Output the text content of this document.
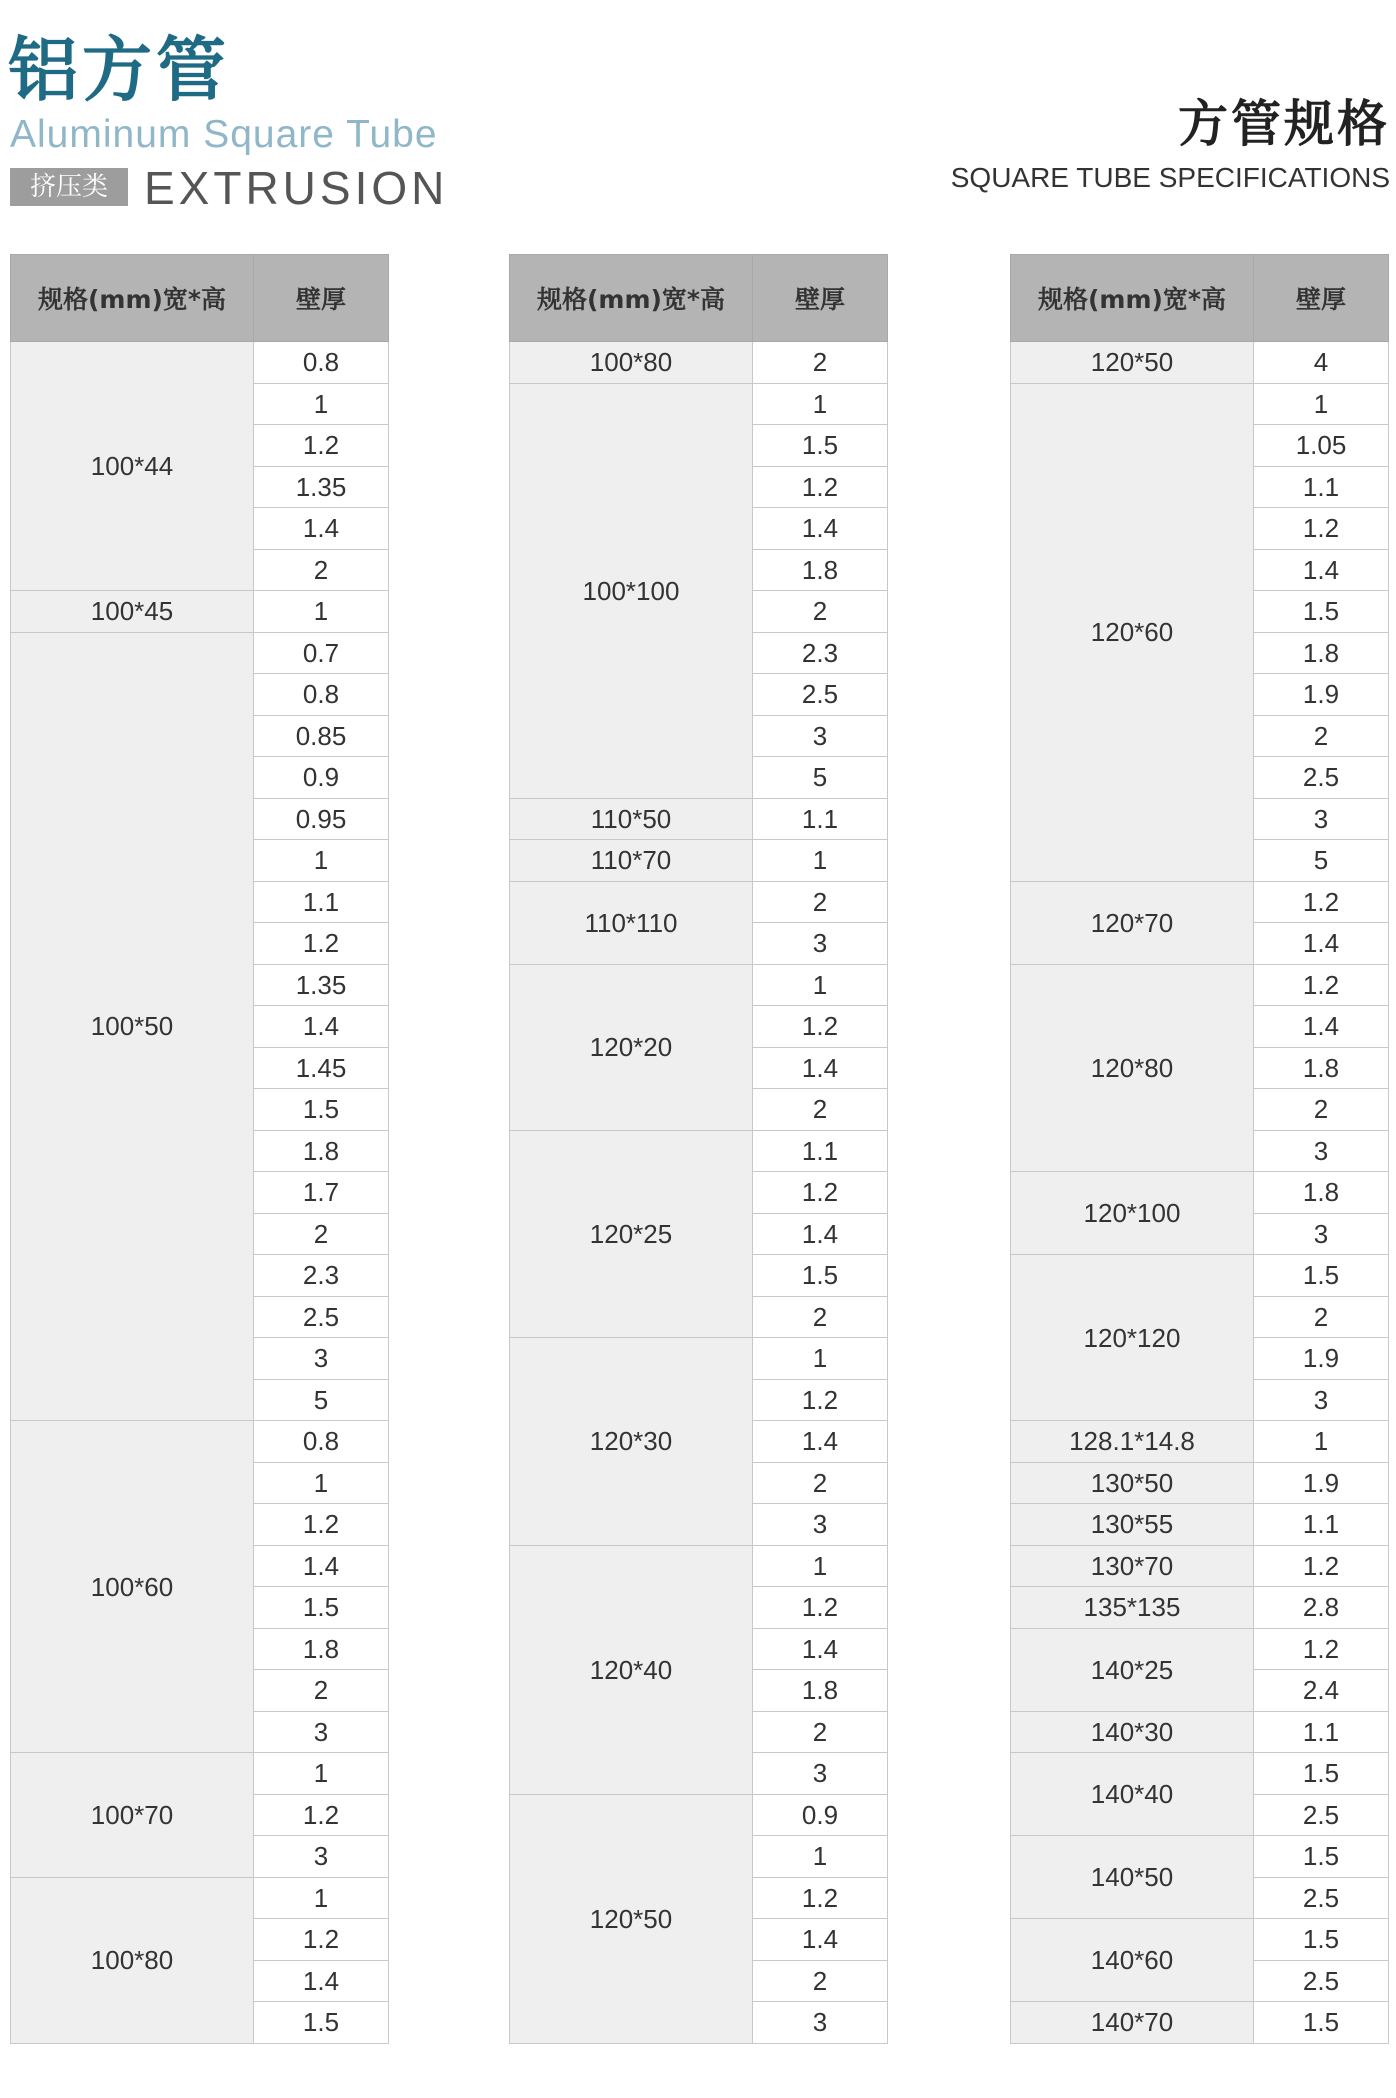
铝方管
Aluminum Square Tube
挤压类 EXTRUSION
方管规格
SQUARE TUBE SPECIFICATIONS
规格(mm)宽*高	壁厚
100*44	0.8
	1
	1.2
	1.35
	1.4
	2
100*45	1
100*50	0.7
	0.8
	0.85
	0.9
	0.95
	1
	1.1
	1.2
	1.35
	1.4
	1.45
	1.5
	1.8
	1.7
	2
	2.3
	2.5
	3
	5
100*60	0.8
	1
	1.2
	1.4
	1.5
	1.8
	2
	3
100*70	1
	1.2
	3
100*80	1
	1.2
	1.4
	1.5
规格(mm)宽*高	壁厚
100*80	2
100*100	1
	1.5
	1.2
	1.4
	1.8
	2
	2.3
	2.5
	3
	5
110*50	1.1
110*70	1
110*110	2
	3
120*20	1
	1.2
	1.4
	2
120*25	1.1
	1.2
	1.4
	1.5
	2
120*30	1
	1.2
	1.4
	2
	3
120*40	1
	1.2
	1.4
	1.8
	2
	3
120*50	0.9
	1
	1.2
	1.4
	2
	3
规格(mm)宽*高	壁厚
120*50	4
120*60	1
	1.05
	1.1
	1.2
	1.4
	1.5
	1.8
	1.9
	2
	2.5
	3
	5
120*70	1.2
	1.4
120*80	1.2
	1.4
	1.8
	2
	3
120*100	1.8
	3
120*120	1.5
	2
	1.9
	3
128.1*14.8	1
130*50	1.9
130*55	1.1
130*70	1.2
135*135	2.8
140*25	1.2
	2.4
140*30	1.1
140*40	1.5
	2.5
140*50	1.5
	2.5
140*60	1.5
	2.5
140*70	1.5
